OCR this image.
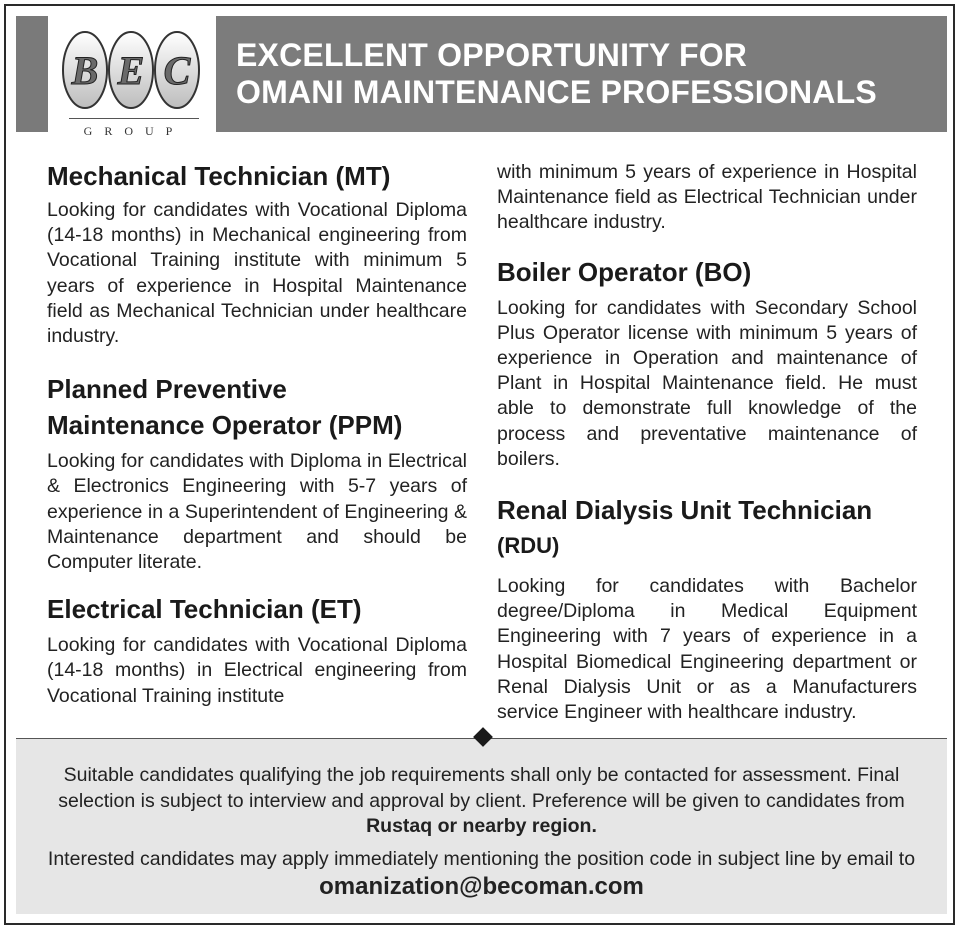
B E C
GROUP
EXCELLENT OPPORTUNITY FOR
OMANI MAINTENANCE PROFESSIONALS
Mechanical Technician (MT)

Looking for candidates with Vocational Diploma (14-18 months) in Mechanical engineering from Vocational Training institute with minimum 5 years of experience in Hospital Maintenance field as Mechanical Technician under healthcare industry.

Planned Preventive
Maintenance Operator (PPM)

Looking for candidates with Diploma in Electrical & Electronics Engineering with 5-7 years of experience in a Superintendent of Engineering & Maintenance department and should be Computer literate.

Electrical Technician (ET)

Looking for candidates with Vocational Diploma (14-18 months) in Electrical engineering from Vocational Training institute

with minimum 5 years of experience in Hospital Maintenance field as Electrical Technician under healthcare industry.

Boiler Operator (BO)

Looking for candidates with Secondary School Plus Operator license with minimum 5 years of experience in Operation and maintenance of Plant in Hospital Maintenance field. He must able to demonstrate full knowledge of the process and preventative maintenance of boilers.

Renal Dialysis Unit Technician
(RDU)

Looking for candidates with Bachelor degree/Diploma in Medical Equipment Engineering with 7 years of experience in a Hospital Biomedical Engineering department or Renal Dialysis Unit or as a Manufacturers service Engineer with healthcare industry.

Suitable candidates qualifying the job requirements shall only be contacted for assessment. Final selection is subject to interview and approval by client. Preference will be given to candidates from Rustaq or nearby region.
Interested candidates may apply immediately mentioning the position code in subject line by email to omanization@becoman.com
